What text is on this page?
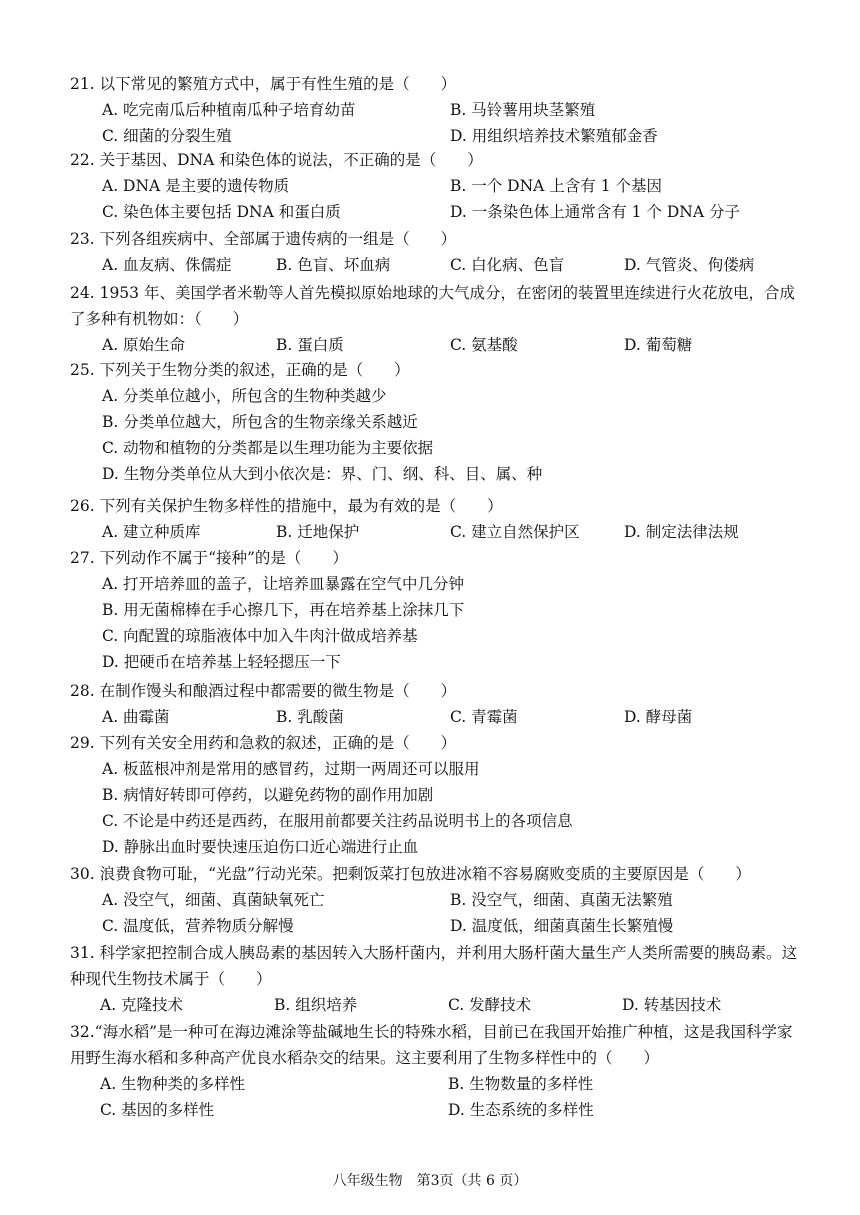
21. 以下常见的繁殖方式中，属于有性生殖的是（　　）
A. 吃完南瓜后种植南瓜种子培育幼苗	B. 马铃薯用块茎繁殖
C. 细菌的分裂生殖	D. 用组织培养技术繁殖郁金香
22. 关于基因、DNA 和染色体的说法，不正确的是（　　）
A. DNA 是主要的遗传物质	B. 一个 DNA 上含有 1 个基因
C. 染色体主要包括 DNA 和蛋白质	D. 一条染色体上通常含有 1 个 DNA 分子
23. 下列各组疾病中、全部属于遗传病的一组是（　　）
A. 血友病、侏儒症	B. 色盲、坏血病	C. 白化病、色盲	D. 气管炎、佝偻病
24. 1953 年、美国学者米勒等人首先模拟原始地球的大气成分，在密闭的装置里连续进行火花放电，合成了多种有机物如：（　　）
A. 原始生命	B. 蛋白质	C. 氨基酸	D. 葡萄糖
25. 下列关于生物分类的叙述，正确的是（　　）
A. 分类单位越小，所包含的生物种类越少
B. 分类单位越大，所包含的生物亲缘关系越近
C. 动物和植物的分类都是以生理功能为主要依据
D. 生物分类单位从大到小依次是：界、门、纲、科、目、属、种
26. 下列有关保护生物多样性的措施中，最为有效的是（　　）
A. 建立种质库	B. 迁地保护	C. 建立自然保护区	D. 制定法律法规
27. 下列动作不属于“接种”的是（　　）
A. 打开培养皿的盖子，让培养皿暴露在空气中几分钟
B. 用无菌棉棒在手心擦几下，再在培养基上涂抹几下
C. 向配置的琼脂液体中加入牛肉汁做成培养基
D. 把硬币在培养基上轻轻摁压一下
28. 在制作馒头和酿酒过程中都需要的微生物是（　　）
A. 曲霉菌	B. 乳酸菌	C. 青霉菌	D. 酵母菌
29. 下列有关安全用药和急救的叙述，正确的是（　　）
A. 板蓝根冲剂是常用的感冒药，过期一两周还可以服用
B. 病情好转即可停药，以避免药物的副作用加剧
C. 不论是中药还是西药，在服用前都要关注药品说明书上的各项信息
D. 静脉出血时要快速压迫伤口近心端进行止血
30. 浪费食物可耻，“光盘”行动光荣。把剩饭菜打包放进冰箱不容易腐败变质的主要原因是（　　）
A. 没空气，细菌、真菌缺氧死亡	B. 没空气，细菌、真菌无法繁殖
C. 温度低，营养物质分解慢	D. 温度低，细菌真菌生长繁殖慢
31. 科学家把控制合成人胰岛素的基因转入大肠杆菌内，并利用大肠杆菌大量生产人类所需要的胰岛素。这种现代生物技术属于（　　）
A. 克隆技术	B. 组织培养	C. 发酵技术	D. 转基因技术
32.“海水稻”是一种可在海边滩涂等盐碱地生长的特殊水稻，目前已在我国开始推广种植，这是我国科学家用野生海水稻和多种高产优良水稻杂交的结果。这主要利用了生物多样性中的（　　）
A. 生物种类的多样性	B. 生物数量的多样性
C. 基因的多样性	D. 生态系统的多样性
八年级生物　第3页（共 6 页）
